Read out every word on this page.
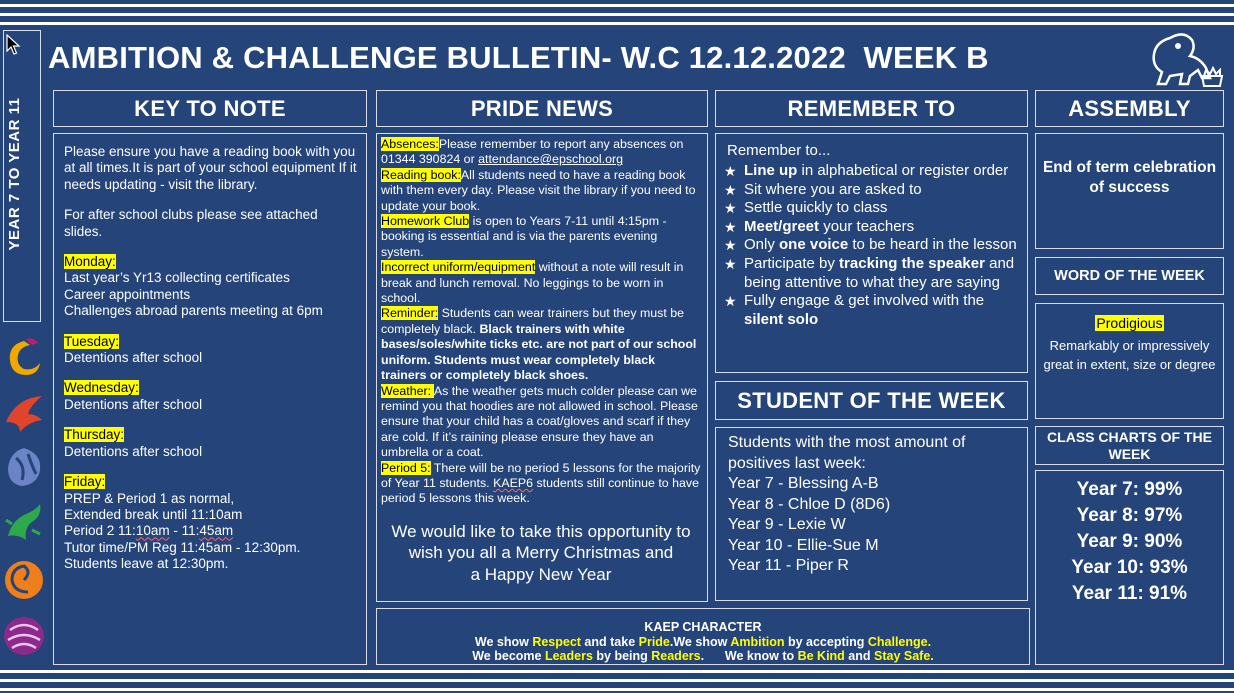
YEAR 7 TO YEAR 11
AMBITION & CHALLENGE BULLETIN- W.C 12.12.2022  WEEK B
KEY TO NOTE

Please ensure you have a reading book with you at all times.It is part of your school equipment If it needs updating - visit the library.

For after school clubs please see attached slides.

Monday:
Last year’s Yr13 collecting certificates
Career appointments
Challenges abroad parents meeting at 6pm
Tuesday:
Detentions after school
Wednesday:
Detentions after school
Thursday:
Detentions after school
Friday:
PREP & Period 1 as normal,
Extended break until 11:10am
Period 2 11:10am - 11:45am
Tutor time/PM Reg 11:45am - 12:30pm.
Students leave at 12:30pm.
PRIDE NEWS
Absences:Please remember to report any absences on 01344 390824 or attendance@epschool.org
Reading book:All students need to have a reading book with them every day. Please visit the library if you need to update your book.
Homework Club is open to Years 7-11 until 4:15pm - booking is essential and is via the parents evening system.
Incorrect uniform/equipment without a note will result in break and lunch removal. No leggings to be worn in school.
Reminder: Students can wear trainers but they must be completely black. Black trainers with white bases/soles/white ticks etc. are not part of our school uniform. Students must wear completely black trainers or completely black shoes.
Weather: As the weather gets much colder please can we remind you that hoodies are not allowed in school. Please ensure that your child has a coat/gloves and scarf if they are cold. If it’s raining please ensure they have an umbrella or a coat.
Period 5: There will be no period 5 lessons for the majority of Year 11 students. KAEP6 students still continue to have period 5 lessons this week.
We would like to take this opportunity to
wish you all a Merry Christmas and
a Happy New Year
REMEMBER TO
Remember to...
★ Line up in alphabetical or register order
★ Sit where you are asked to
★ Settle quickly to class
★ Meet/greet your teachers
★ Only one voice to be heard in the lesson
★ Participate by tracking the speaker and being attentive to what they are saying
★ Fully engage & get involved with the silent solo
STUDENT OF THE WEEK
Students with the most amount of positives last week:
Year 7 - Blessing A-B
Year 8 - Chloe D (8D6)
Year 9 - Lexie W
Year 10 - Ellie-Sue M
Year 11 - Piper R
ASSEMBLY
End of term celebration of success
WORD OF THE WEEK
Prodigious
Remarkably or impressively great in extent, size or degree
CLASS CHARTS OF THE WEEK
Year 7: 99%
Year 8: 97%
Year 9: 90%
Year 10: 93%
Year 11: 91%
KAEP CHARACTER
We show Respect and take Pride.We show Ambition by accepting Challenge.
We become Leaders by being Readers.      We know to Be Kind and Stay Safe.
